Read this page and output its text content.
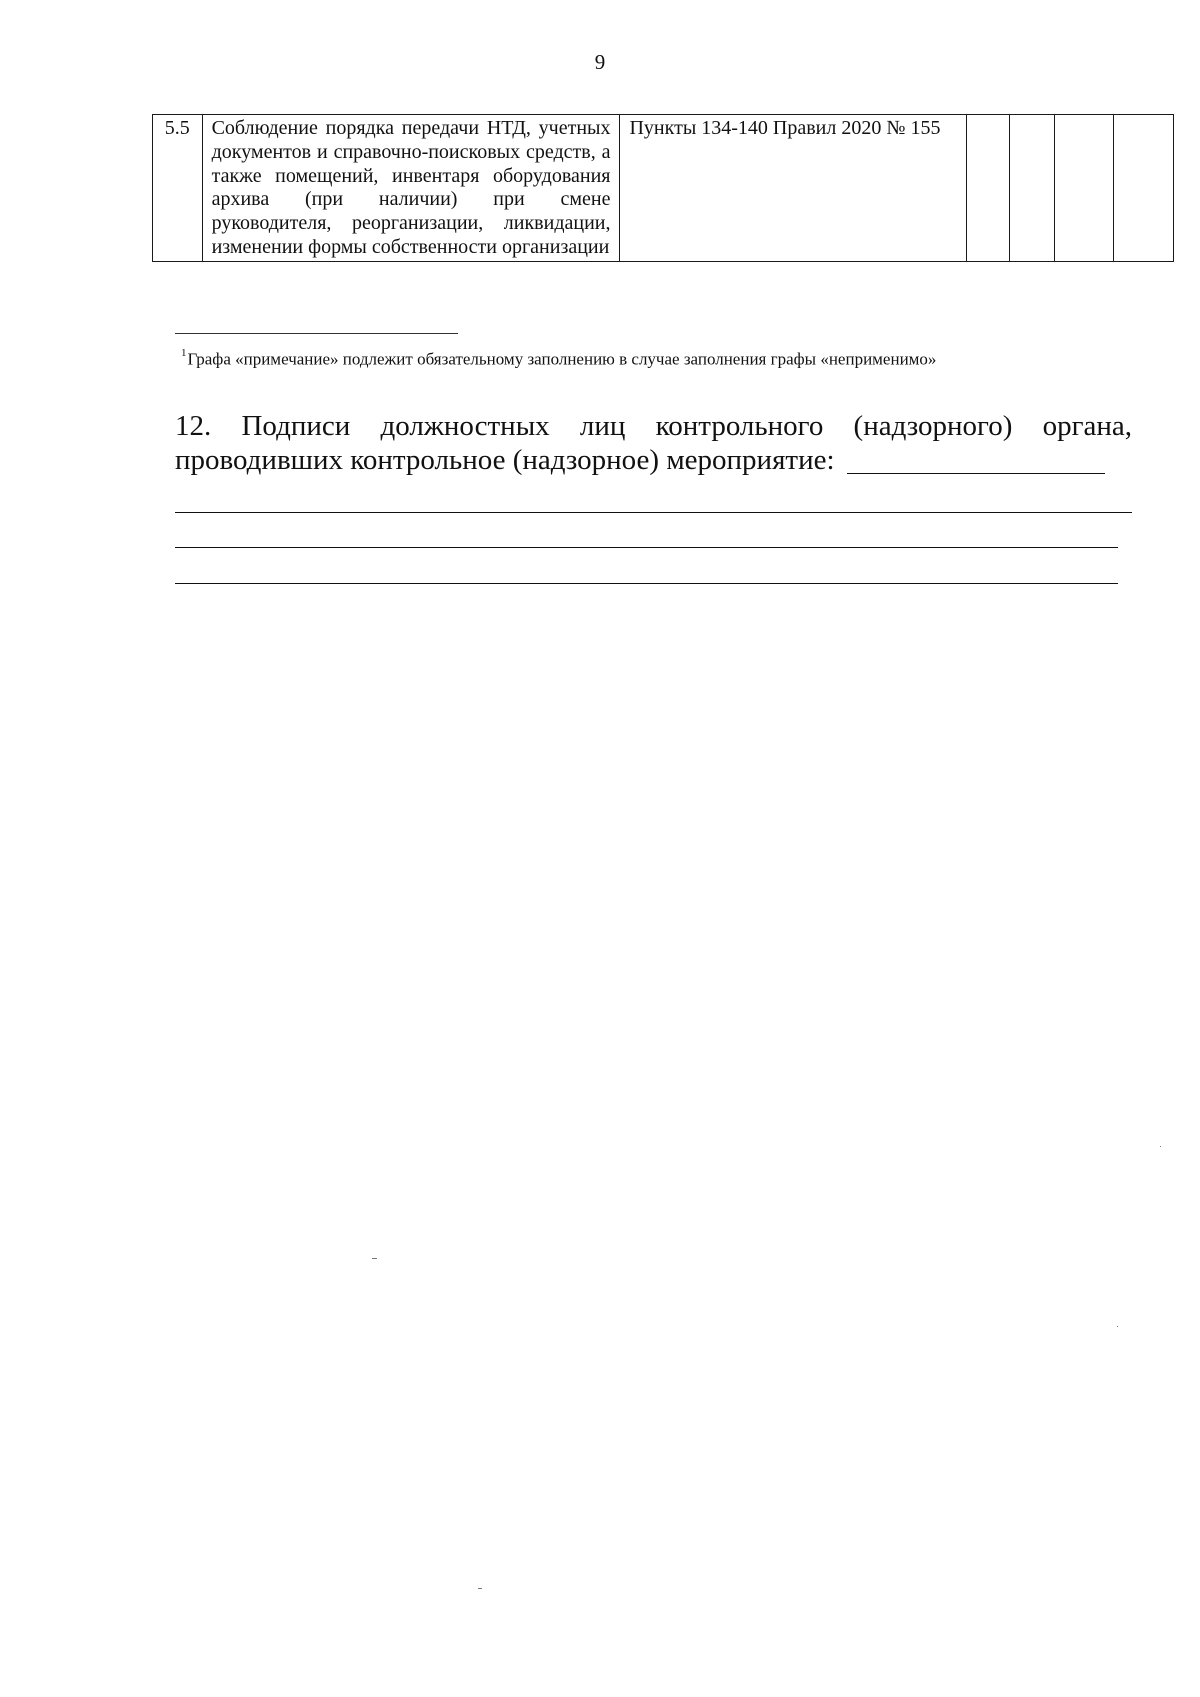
9
5.5	Соблюдение порядка передачи НТД, учетных документов и справочно-поисковых средств, а также помещений, инвентаря оборудования архива (при наличии) при смене руководителя, реорганизации, ликвидации, изменении формы собственности организации	Пункты 134-140 Правил 2020 № 155				
$^1$Графа «примечание» подлежит обязательному заполнению в случае заполнения графы «неприменимо»
12. Подписи должностных лиц контрольного (надзорного) органа,
проводивших контрольное (надзорное) мероприятие:
